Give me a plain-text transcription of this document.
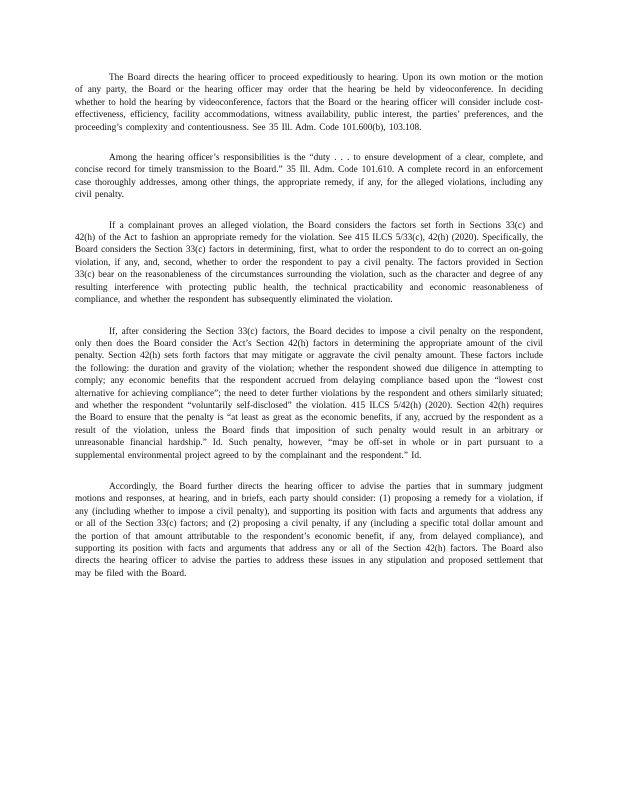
The Board directs the hearing officer to proceed expeditiously to hearing. Upon its own motion or the motion of any party, the Board or the hearing officer may order that the hearing be held by videoconference. In deciding whether to hold the hearing by videoconference, factors that the Board or the hearing officer will consider include cost-effectiveness, efficiency, facility accommodations, witness availability, public interest, the parties’ preferences, and the proceeding’s complexity and contentiousness. See 35 Ill. Adm. Code 101.600(b), 103.108.

Among the hearing officer’s responsibilities is the “duty . . . to ensure development of a clear, complete, and concise record for timely transmission to the Board.” 35 Ill. Adm. Code 101.610. A complete record in an enforcement case thoroughly addresses, among other things, the appropriate remedy, if any, for the alleged violations, including any civil penalty.

If a complainant proves an alleged violation, the Board considers the factors set forth in Sections 33(c) and 42(h) of the Act to fashion an appropriate remedy for the violation. See 415 ILCS 5/33(c), 42(h) (2020). Specifically, the Board considers the Section 33(c) factors in determining, first, what to order the respondent to do to correct an on-going violation, if any, and, second, whether to order the respondent to pay a civil penalty. The factors provided in Section 33(c) bear on the reasonableness of the circumstances surrounding the violation, such as the character and degree of any resulting interference with protecting public health, the technical practicability and economic reasonableness of compliance, and whether the respondent has subsequently eliminated the violation.

If, after considering the Section 33(c) factors, the Board decides to impose a civil penalty on the respondent, only then does the Board consider the Act’s Section 42(h) factors in determining the appropriate amount of the civil penalty. Section 42(h) sets forth factors that may mitigate or aggravate the civil penalty amount. These factors include the following: the duration and gravity of the violation; whether the respondent showed due diligence in attempting to comply; any economic benefits that the respondent accrued from delaying compliance based upon the “lowest cost alternative for achieving compliance”; the need to deter further violations by the respondent and others similarly situated; and whether the respondent “voluntarily self-disclosed” the violation. 415 ILCS 5/42(h) (2020). Section 42(h) requires the Board to ensure that the penalty is “at least as great as the economic benefits, if any, accrued by the respondent as a result of the violation, unless the Board finds that imposition of such penalty would result in an arbitrary or unreasonable financial hardship.” Id. Such penalty, however, “may be off-set in whole or in part pursuant to a supplemental environmental project agreed to by the complainant and the respondent.” Id.

Accordingly, the Board further directs the hearing officer to advise the parties that in summary judgment motions and responses, at hearing, and in briefs, each party should consider: (1) proposing a remedy for a violation, if any (including whether to impose a civil penalty), and supporting its position with facts and arguments that address any or all of the Section 33(c) factors; and (2) proposing a civil penalty, if any (including a specific total dollar amount and the portion of that amount attributable to the respondent’s economic benefit, if any, from delayed compliance), and supporting its position with facts and arguments that address any or all of the Section 42(h) factors. The Board also directs the hearing officer to advise the parties to address these issues in any stipulation and proposed settlement that may be filed with the Board.
